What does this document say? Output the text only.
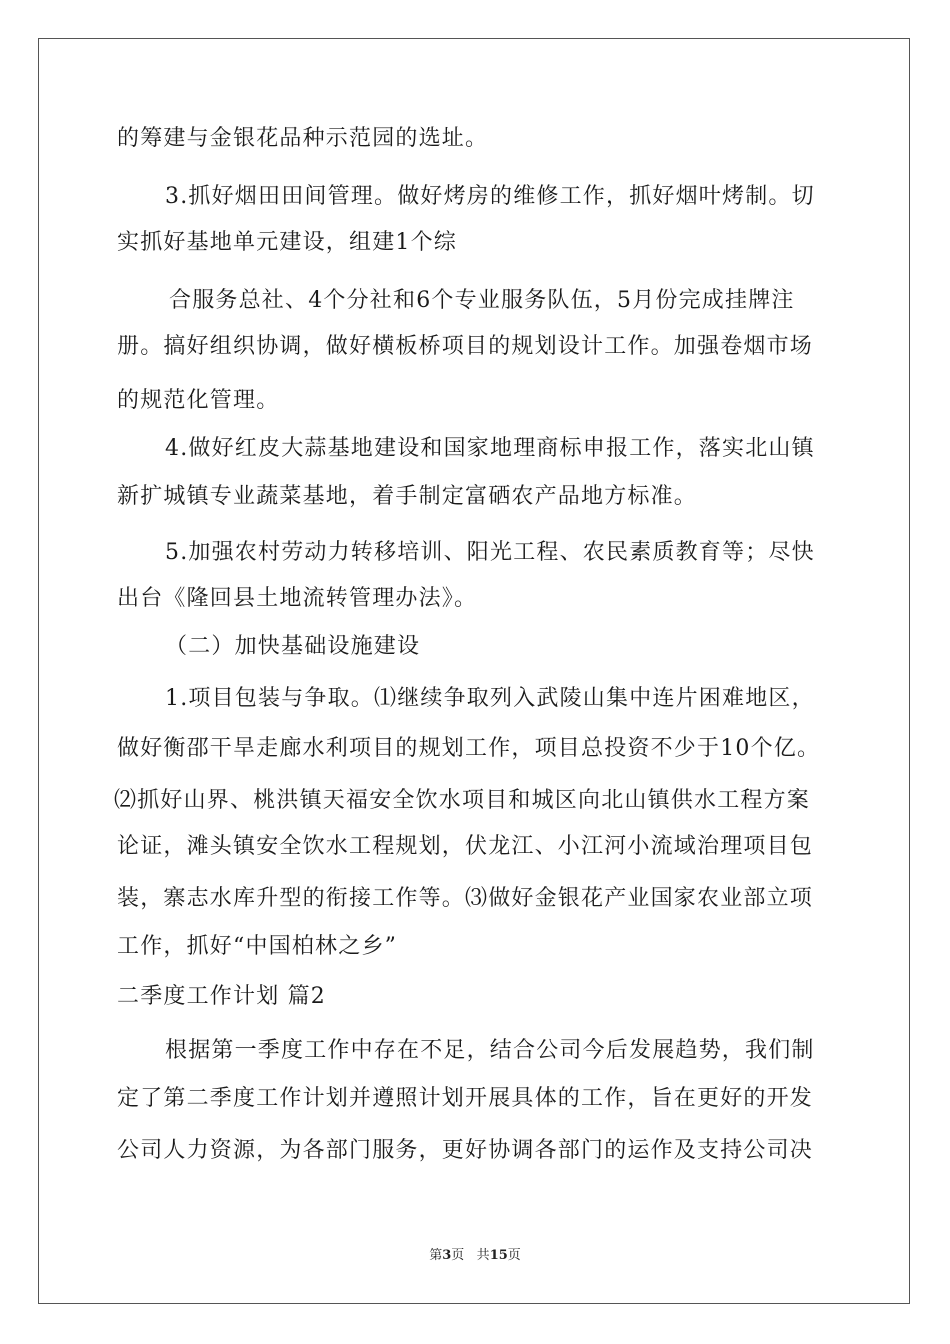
的筹建与金银花品种示范园的选址。
3.抓好烟田田间管理。做好烤房的维修工作，抓好烟叶烤制。切
实抓好基地单元建设，组建1个综
合服务总社、4个分社和6个专业服务队伍，5月份完成挂牌注
册。搞好组织协调，做好横板桥项目的规划设计工作。加强卷烟市场
的规范化管理。
4.做好红皮大蒜基地建设和国家地理商标申报工作，落实北山镇
新扩城镇专业蔬菜基地，着手制定富硒农产品地方标准。
5.加强农村劳动力转移培训、阳光工程、农民素质教育等；尽快
出台《隆回县土地流转管理办法》。
（二）加快基础设施建设
1.项目包装与争取。⑴继续争取列入武陵山集中连片困难地区，
做好衡邵干旱走廊水利项目的规划工作，项目总投资不少于10个亿。
⑵抓好山界、桃洪镇天福安全饮水项目和城区向北山镇供水工程方案
论证，滩头镇安全饮水工程规划，伏龙江、小江河小流域治理项目包
装，寨志水库升型的衔接工作等。⑶做好金银花产业国家农业部立项
工作，抓好“中国柏林之乡”
二季度工作计划 篇2
根据第一季度工作中存在不足，结合公司今后发展趋势，我们制
定了第二季度工作计划并遵照计划开展具体的工作，旨在更好的开发
公司人力资源，为各部门服务，更好协调各部门的运作及支持公司决
第3页 共15页
